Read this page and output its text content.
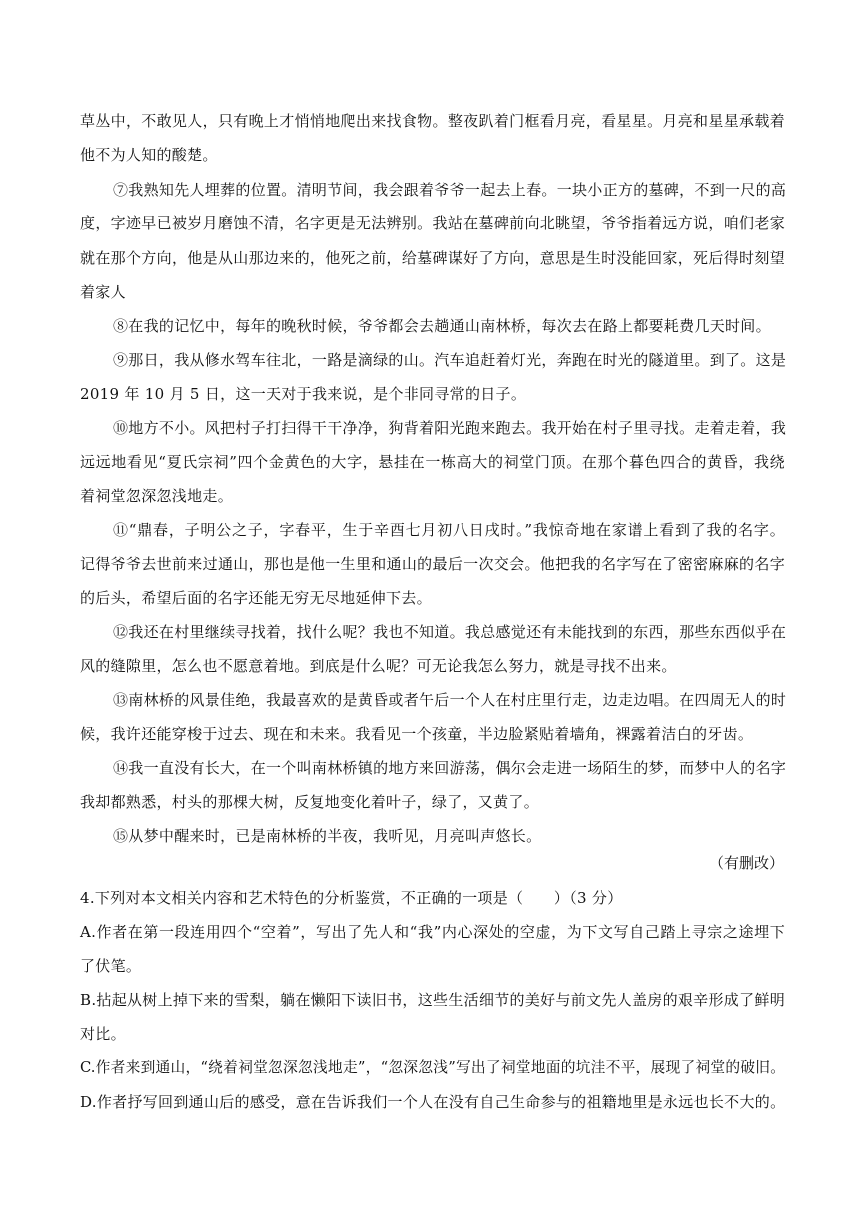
草丛中，不敢见人，只有晚上才悄悄地爬出来找食物。整夜趴着门框看月亮，看星星。月亮和星星承载着
他不为人知的酸楚。
⑦我熟知先人埋葬的位置。清明节间，我会跟着爷爷一起去上春。一块小正方的墓碑，不到一尺的高
度，字迹早已被岁月磨蚀不清，名字更是无法辨别。我站在墓碑前向北眺望，爷爷指着远方说，咱们老家
就在那个方向，他是从山那边来的，他死之前，给墓碑谋好了方向，意思是生时没能回家，死后得时刻望
着家人
⑧在我的记忆中，每年的晚秋时候，爷爷都会去趟通山南林桥，每次去在路上都要耗费几天时间。
⑨那日，我从修水驾车往北，一路是滴绿的山。汽车追赶着灯光，奔跑在时光的隧道里。到了。这是
2019 年 10 月 5 日，这一天对于我来说，是个非同寻常的日子。
⑩地方不小。风把村子打扫得干干净净，狗背着阳光跑来跑去。我开始在村子里寻找。走着走着，我
远远地看见“夏氏宗祠”四个金黄色的大字，悬挂在一栋高大的祠堂门顶。在那个暮色四合的黄昏，我绕
着祠堂忽深忽浅地走。
⑪“鼎春，子明公之子，字春平，生于辛酉七月初八日戌时。”我惊奇地在家谱上看到了我的名字。
记得爷爷去世前来过通山，那也是他一生里和通山的最后一次交会。他把我的名字写在了密密麻麻的名字
的后头，希望后面的名字还能无穷无尽地延伸下去。
⑫我还在村里继续寻找着，找什么呢？我也不知道。我总感觉还有未能找到的东西，那些东西似乎在
风的缝隙里，怎么也不愿意着地。到底是什么呢？可无论我怎么努力，就是寻找不出来。
⑬南林桥的风景佳绝，我最喜欢的是黄昏或者午后一个人在村庄里行走，边走边唱。在四周无人的时
候，我许还能穿梭于过去、现在和未来。我看见一个孩童，半边脸紧贴着墙角，裸露着洁白的牙齿。
⑭我一直没有长大，在一个叫南林桥镇的地方来回游荡，偶尔会走进一场陌生的梦，而梦中人的名字
我却都熟悉，村头的那棵大树，反复地变化着叶子，绿了，又黄了。
⑮从梦中醒来时，已是南林桥的半夜，我听见，月亮叫声悠长。
（有删改）
4.下列对本文相关内容和艺术特色的分析鉴赏，不正确的一项是（　　）（3 分）
A.作者在第一段连用四个“空着”，写出了先人和“我”内心深处的空虚，为下文写自己踏上寻宗之途埋下
了伏笔。
B.拈起从树上掉下来的雪梨，躺在懒阳下读旧书，这些生活细节的美好与前文先人盖房的艰辛形成了鲜明
对比。
C.作者来到通山，“绕着祠堂忽深忽浅地走”，“忽深忽浅”写出了祠堂地面的坑洼不平，展现了祠堂的破旧。
D.作者抒写回到通山后的感受，意在告诉我们一个人在没有自己生命参与的祖籍地里是永远也长不大的。
